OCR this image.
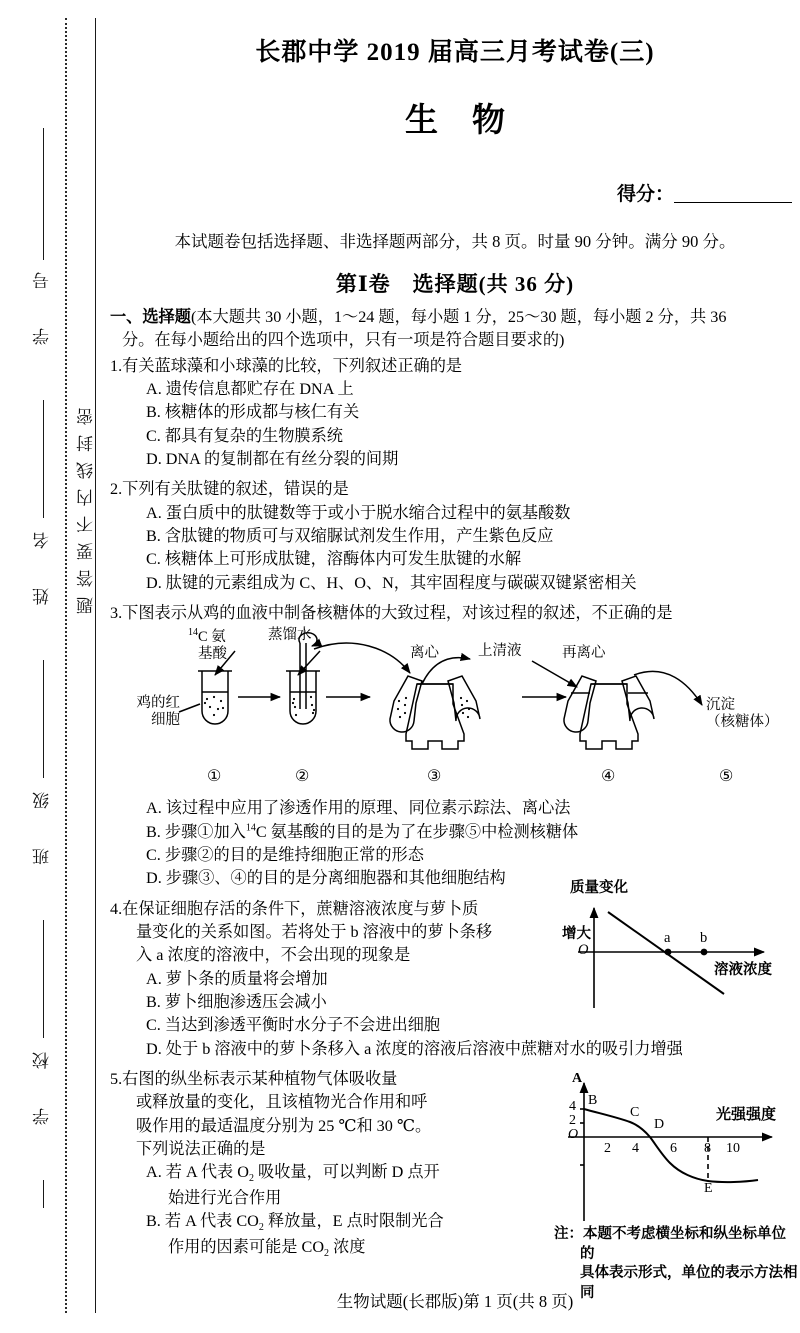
学 号
姓 名
班 级
学 校
题答要不内线封密
长郡中学 2019 届高三月考试卷(三)
生物
得分：
本试题卷包括选择题、非选择题两部分，共 8 页。时量 90 分钟。满分 90 分。
第Ⅰ卷　选择题(共 36 分)
一、选择题(本大题共 30 小题，1～24 题，每小题 1 分，25～30 题，每小题 2 分，共 36
分。在每小题给出的四个选项中，只有一项是符合题目要求的)
1.有关蓝球藻和小球藻的比较，下列叙述正确的是
A. 遗传信息都贮存在 DNA 上
B. 核糖体的形成都与核仁有关
C. 都具有复杂的生物膜系统
D. DNA 的复制都在有丝分裂的间期
2.下列有关肽键的叙述，错误的是
A. 蛋白质中的肽键数等于或小于脱水缩合过程中的氨基酸数
B. 含肽键的物质可与双缩脲试剂发生作用，产生紫色反应
C. 核糖体上可形成肽键，溶酶体内可发生肽键的水解
D. 肽键的元素组成为 C、H、O、N，其牢固程度与碳碳双键紧密相关
3.下图表示从鸡的血液中制备核糖体的大致过程，对该过程的叙述，不正确的是
$^{14}$C 氨
基酸
蒸馏水
鸡的红
细胞
离心	上清液	再离心
沉淀
（核糖体）
①	②	③	④	⑤
A. 该过程中应用了渗透作用的原理、同位素示踪法、离心法
B. 步骤①加入$^{14}$C 氨基酸的目的是为了在步骤⑤中检测核糖体
C. 步骤②的目的是维持细胞正常的形态
D. 步骤③、④的目的是分离细胞器和其他细胞结构
4.在保证细胞存活的条件下，蔗糖溶液浓度与萝卜质
量变化的关系如图。若将处于 b 溶液中的萝卜条移
入 a 浓度的溶液中，不会出现的现象是
A. 萝卜条的质量将会增加
B. 萝卜细胞渗透压会减小
C. 当达到渗透平衡时水分子不会进出细胞
D. 处于 b 溶液中的萝卜条移入 a 浓度的溶液后溶液中蔗糖对水的吸引力增强
5.右图的纵坐标表示某种植物气体吸收量
或释放量的变化，且该植物光合作用和呼
吸作用的最适温度分别为 25 ℃和 30 ℃。
下列说法正确的是
A. 若 A 代表 $O_2$ 吸收量，可以判断 D 点开
始进行光合作用
B. 若 A 代表 $CO_2$ 释放量，E 点时限制光合
作用的因素可能是 $CO_2$ 浓度
质量变化
增大
O
a b
溶液浓度
A
O
4
2
B
C
D
E
2 4 6 8 10
光强强度
注：本题不考虑横坐标和纵坐标单位的
具体表示形式，单位的表示方法相同
生物试题(长郡版)第 1 页(共 8 页)
